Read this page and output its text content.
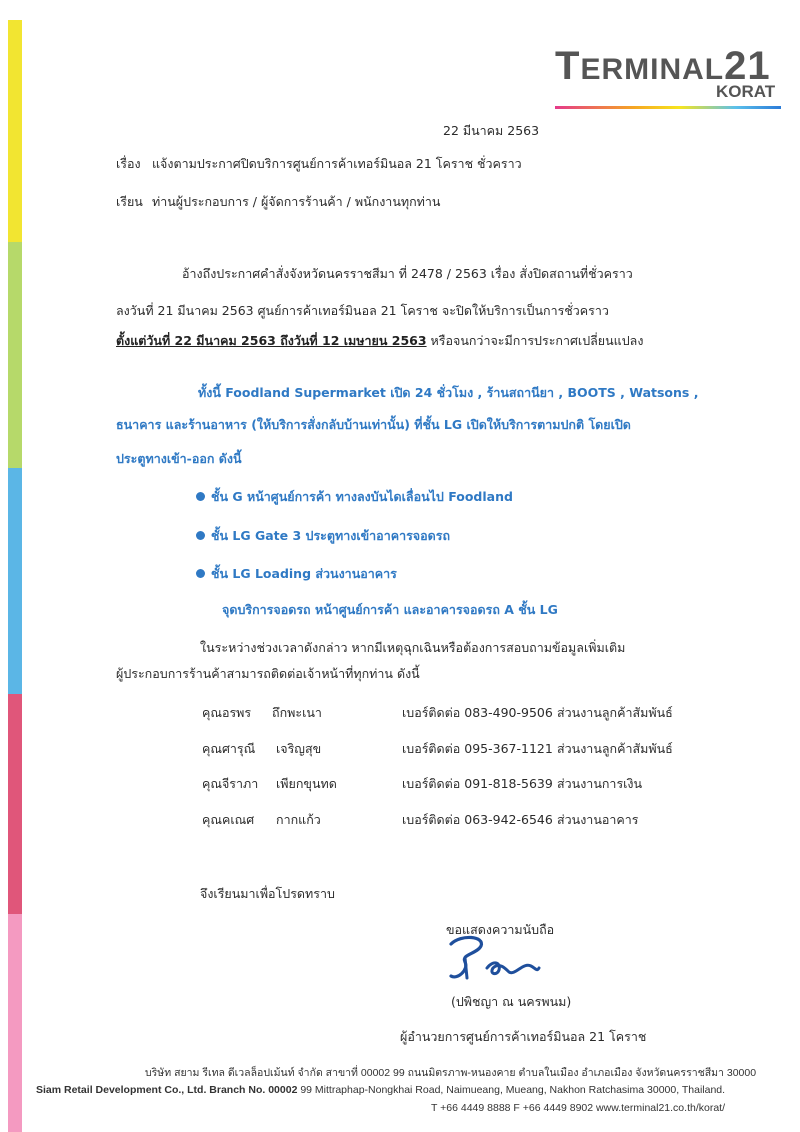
TERMINAL21
KORAT
22 มีนาคม 2563
เรื่อง แจ้งตามประกาศปิดบริการศูนย์การค้าเทอร์มินอล 21 โคราช ชั่วคราว
เรียน ท่านผู้ประกอบการ / ผู้จัดการร้านค้า / พนักงานทุกท่าน
อ้างถึงประกาศคำสั่งจังหวัดนครราชสีมา ที่ 2478 / 2563 เรื่อง สั่งปิดสถานที่ชั่วคราว
ลงวันที่ 21 มีนาคม 2563 ศูนย์การค้าเทอร์มินอล 21 โคราช จะปิดให้บริการเป็นการชั่วคราว
ตั้งแต่วันที่ 22 มีนาคม 2563 ถึงวันที่ 12 เมษายน 2563 หรือจนกว่าจะมีการประกาศเปลี่ยนแปลง
ทั้งนี้ Foodland Supermarket เปิด 24 ชั่วโมง , ร้านสถานียา , BOOTS , Watsons ,
ธนาคาร และร้านอาหาร (ให้บริการสั่งกลับบ้านเท่านั้น) ที่ชั้น LG เปิดให้บริการตามปกติ โดยเปิด
ประตูทางเข้า-ออก ดังนี้
ชั้น G หน้าศูนย์การค้า ทางลงบันไดเลื่อนไป Foodland
ชั้น LG Gate 3 ประตูทางเข้าอาคารจอดรถ
ชั้น LG Loading ส่วนงานอาคาร
จุดบริการจอดรถ หน้าศูนย์การค้า และอาคารจอดรถ A ชั้น LG
ในระหว่างช่วงเวลาดังกล่าว หากมีเหตุฉุกเฉินหรือต้องการสอบถามข้อมูลเพิ่มเติม
ผู้ประกอบการร้านค้าสามารถติดต่อเจ้าหน้าที่ทุกท่าน ดังนี้
คุณอรพร ถึกพะเนา	เบอร์ติดต่อ 083-490-9506 ส่วนงานลูกค้าสัมพันธ์
คุณศารุณี เจริญสุข	เบอร์ติดต่อ 095-367-1121 ส่วนงานลูกค้าสัมพันธ์
คุณจีราภา เพียกขุนทด	เบอร์ติดต่อ 091-818-5639 ส่วนงานการเงิน
คุณคเณศ กากแก้ว	เบอร์ติดต่อ 063-942-6546 ส่วนงานอาคาร
จึงเรียนมาเพื่อโปรดทราบ
ขอแสดงความนับถือ
(ปพิชญา ณ นครพนม)
ผู้อำนวยการศูนย์การค้าเทอร์มินอล 21 โคราช
บริษัท สยาม รีเทล ดีเวลล็อปเม้นท์ จำกัด สาขาที่ 00002 99 ถนนมิตรภาพ-หนองคาย ตำบลในเมือง อำเภอเมือง จังหวัดนครราชสีมา 30000
Siam Retail Development Co., Ltd. Branch No. 00002 99 Mittraphap-Nongkhai Road, Naimueang, Mueang, Nakhon Ratchasima 30000, Thailand.
T +66 4449 8888 F +66 4449 8902 www.terminal21.co.th/korat/
